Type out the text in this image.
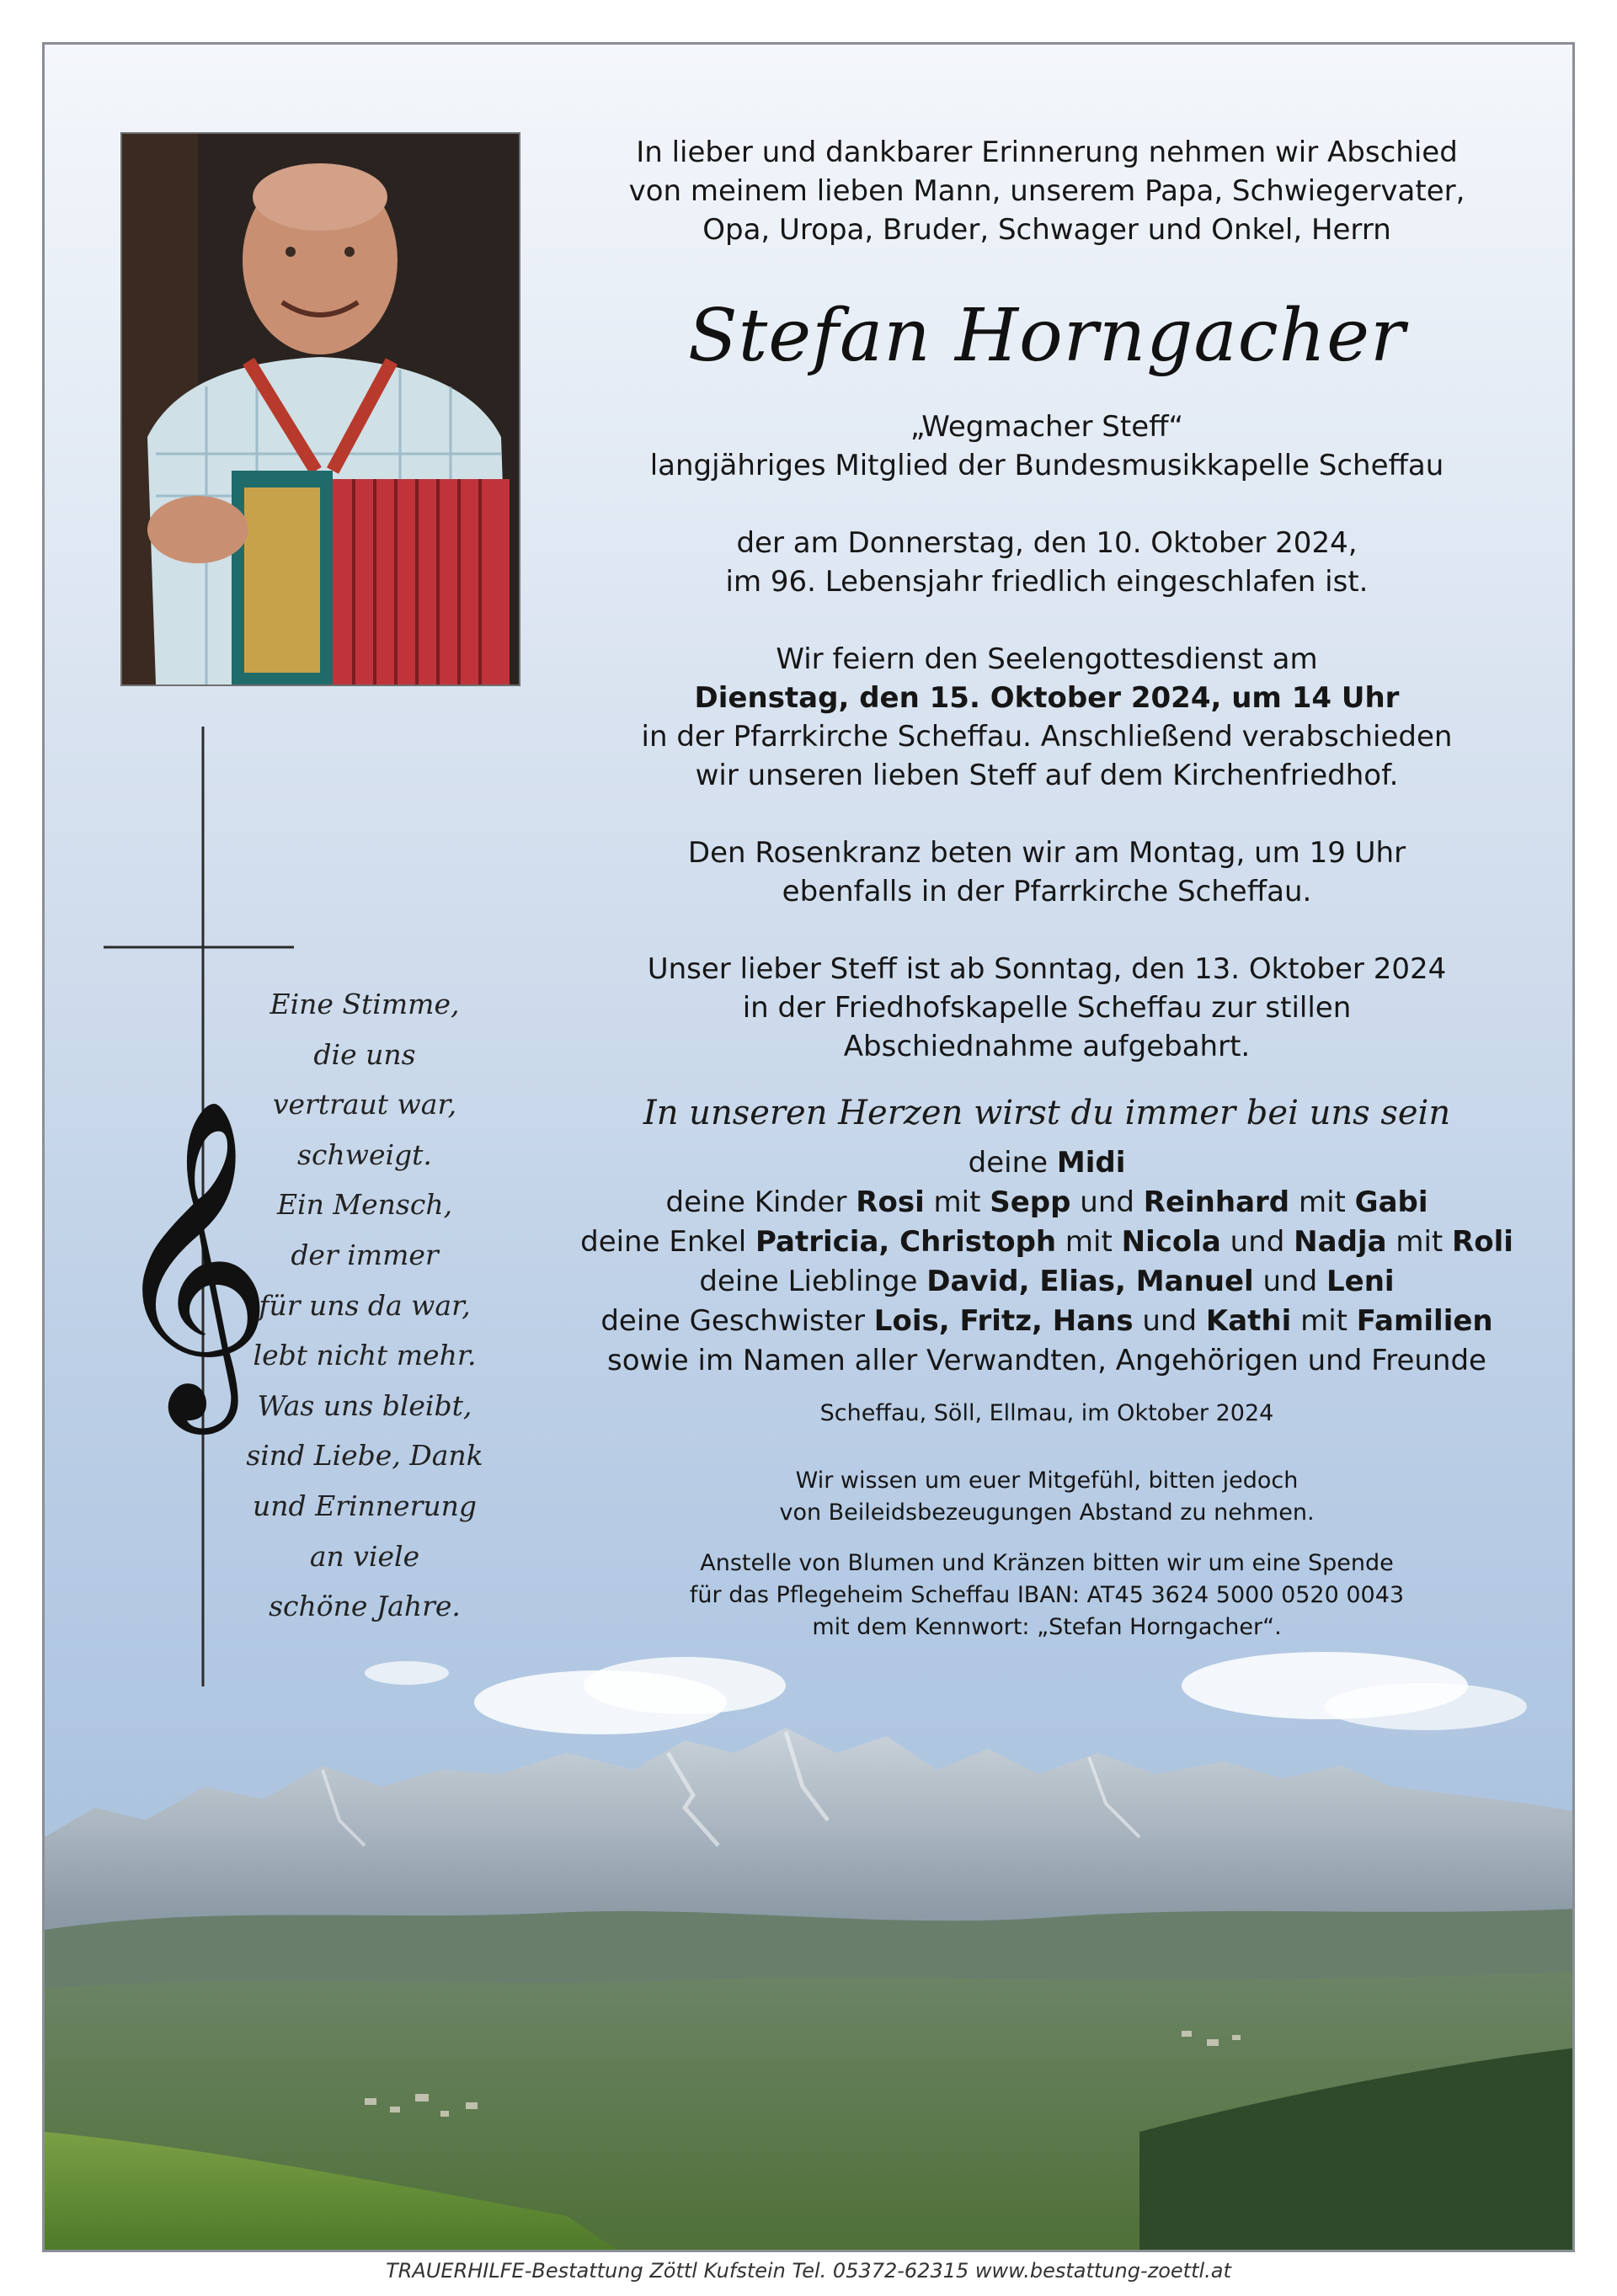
𝄞
Eine Stimme,
die uns
vertraut war,
schweigt.
Ein Mensch,
der immer
für uns da war,
lebt nicht mehr.
Was uns bleibt,
sind Liebe, Dank
und Erinnerung
an viele
schöne Jahre.

In lieber und dankbarer Erinnerung nehmen wir Abschied
von meinem lieben Mann, unserem Papa, Schwiegervater,
Opa, Uropa, Bruder, Schwager und Onkel, Herrn

Stefan Horngacher

„Wegmacher Steff“
langjähriges Mitglied der Bundesmusikkapelle Scheffau

der am Donnerstag, den 10. Oktober 2024,
im 96. Lebensjahr friedlich eingeschlafen ist.

Wir feiern den Seelengottesdienst am
Dienstag, den 15. Oktober 2024, um 14 Uhr
in der Pfarrkirche Scheffau. Anschließend verabschieden
wir unseren lieben Steff auf dem Kirchenfriedhof.

Den Rosenkranz beten wir am Montag, um 19 Uhr
ebenfalls in der Pfarrkirche Scheffau.

Unser lieber Steff ist ab Sonntag, den 13. Oktober 2024
in der Friedhofskapelle Scheffau zur stillen
Abschiednahme aufgebahrt.

In unseren Herzen wirst du immer bei uns sein

deine Midi
deine Kinder Rosi mit Sepp und Reinhard mit Gabi
deine Enkel Patricia, Christoph mit Nicola und Nadja mit Roli
deine Lieblinge David, Elias, Manuel und Leni
deine Geschwister Lois, Fritz, Hans und Kathi mit Familien
sowie im Namen aller Verwandten, Angehörigen und Freunde

Scheffau, Söll, Ellmau, im Oktober 2024

Wir wissen um euer Mitgefühl, bitten jedoch
von Beileidsbezeugungen Abstand zu nehmen.

Anstelle von Blumen und Kränzen bitten wir um eine Spende
für das Pflegeheim Scheffau IBAN: AT45 3624 5000 0520 0043
mit dem Kennwort: „Stefan Horngacher“.

TRAUERHILFE-Bestattung Zöttl Kufstein Tel. 05372-62315 www.bestattung-zoettl.at
